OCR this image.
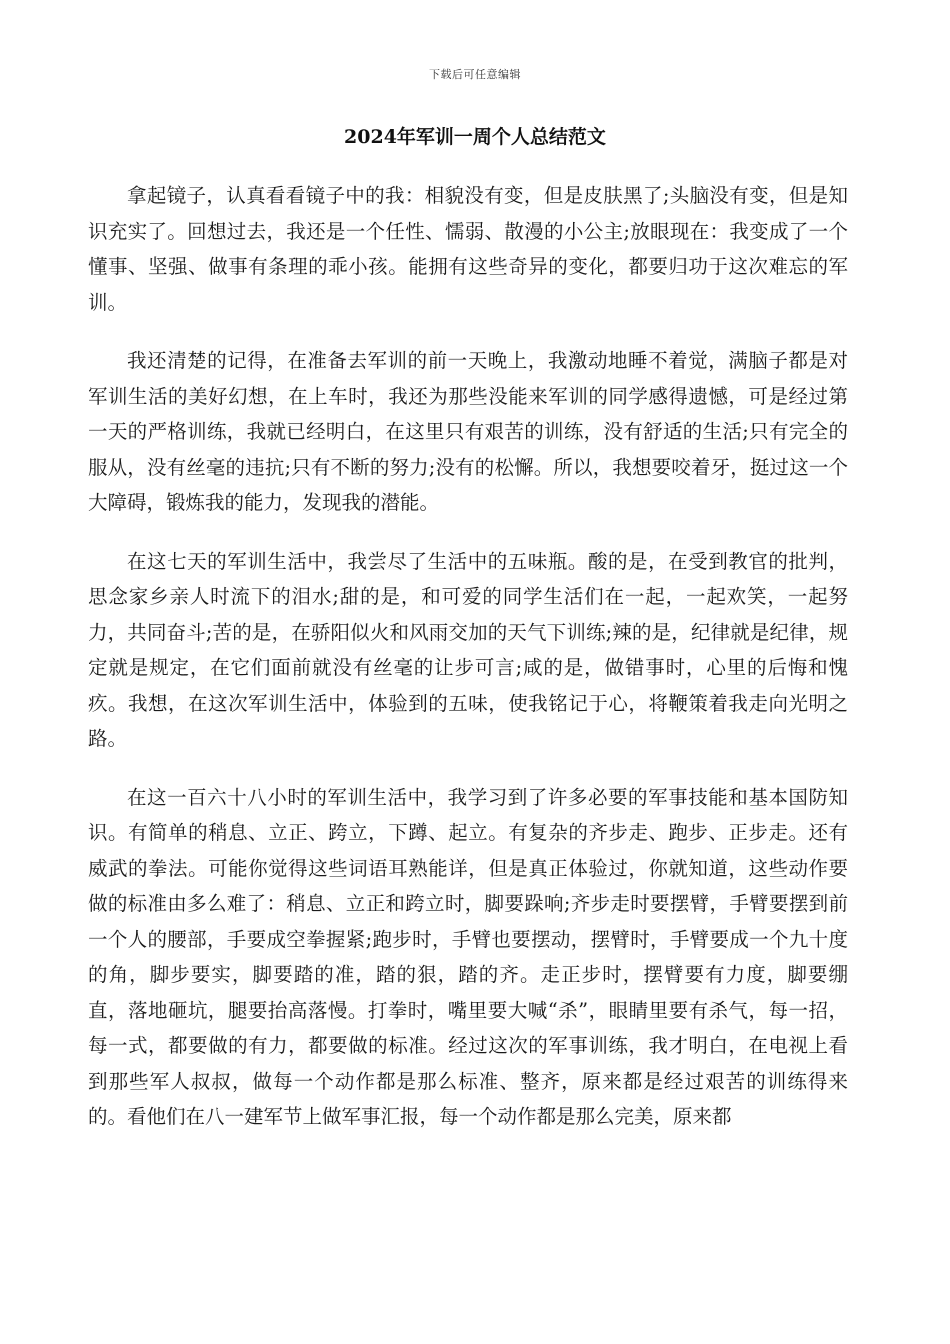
下载后可任意编辑
2024年军训一周个人总结范文

拿起镜子，认真看看镜子中的我：相貌没有变，但是皮肤黑了;头脑没有变，但是知识充实了。回想过去，我还是一个任性、懦弱、散漫的小公主;放眼现在：我变成了一个懂事、坚强、做事有条理的乖小孩。能拥有这些奇异的变化，都要归功于这次难忘的军训。

我还清楚的记得，在准备去军训的前一天晚上，我激动地睡不着觉，满脑子都是对军训生活的美好幻想，在上车时，我还为那些没能来军训的同学感得遗憾，可是经过第一天的严格训练，我就已经明白，在这里只有艰苦的训练，没有舒适的生活;只有完全的服从，没有丝毫的违抗;只有不断的努力;没有的松懈。所以，我想要咬着牙，挺过这一个大障碍，锻炼我的能力，发现我的潜能。

在这七天的军训生活中，我尝尽了生活中的五味瓶。酸的是，在受到教官的批判，思念家乡亲人时流下的泪水;甜的是，和可爱的同学生活们在一起，一起欢笑，一起努力，共同奋斗;苦的是，在骄阳似火和风雨交加的天气下训练;辣的是，纪律就是纪律，规定就是规定，在它们面前就没有丝毫的让步可言;咸的是，做错事时，心里的后悔和愧疚。我想，在这次军训生活中，体验到的五味，使我铭记于心，将鞭策着我走向光明之路。

在这一百六十八小时的军训生活中，我学习到了许多必要的军事技能和基本国防知识。有简单的稍息、立正、跨立，下蹲、起立。有复杂的齐步走、跑步、正步走。还有威武的拳法。可能你觉得这些词语耳熟能详，但是真正体验过，你就知道，这些动作要做的标准由多么难了：稍息、立正和跨立时，脚要跺响;齐步走时要摆臂，手臂要摆到前一个人的腰部，手要成空拳握紧;跑步时，手臂也要摆动，摆臂时，手臂要成一个九十度的角，脚步要实，脚要踏的准，踏的狠，踏的齐。走正步时，摆臂要有力度，脚要绷直，落地砸坑，腿要抬高落慢。打拳时，嘴里要大喊“杀”，眼睛里要有杀气，每一招，每一式，都要做的有力，都要做的标准。经过这次的军事训练，我才明白，在电视上看到那些军人叔叔，做每一个动作都是那么标准、整齐，原来都是经过艰苦的训练得来的。看他们在八一建军节上做军事汇报，每一个动作都是那么完美，原来都
